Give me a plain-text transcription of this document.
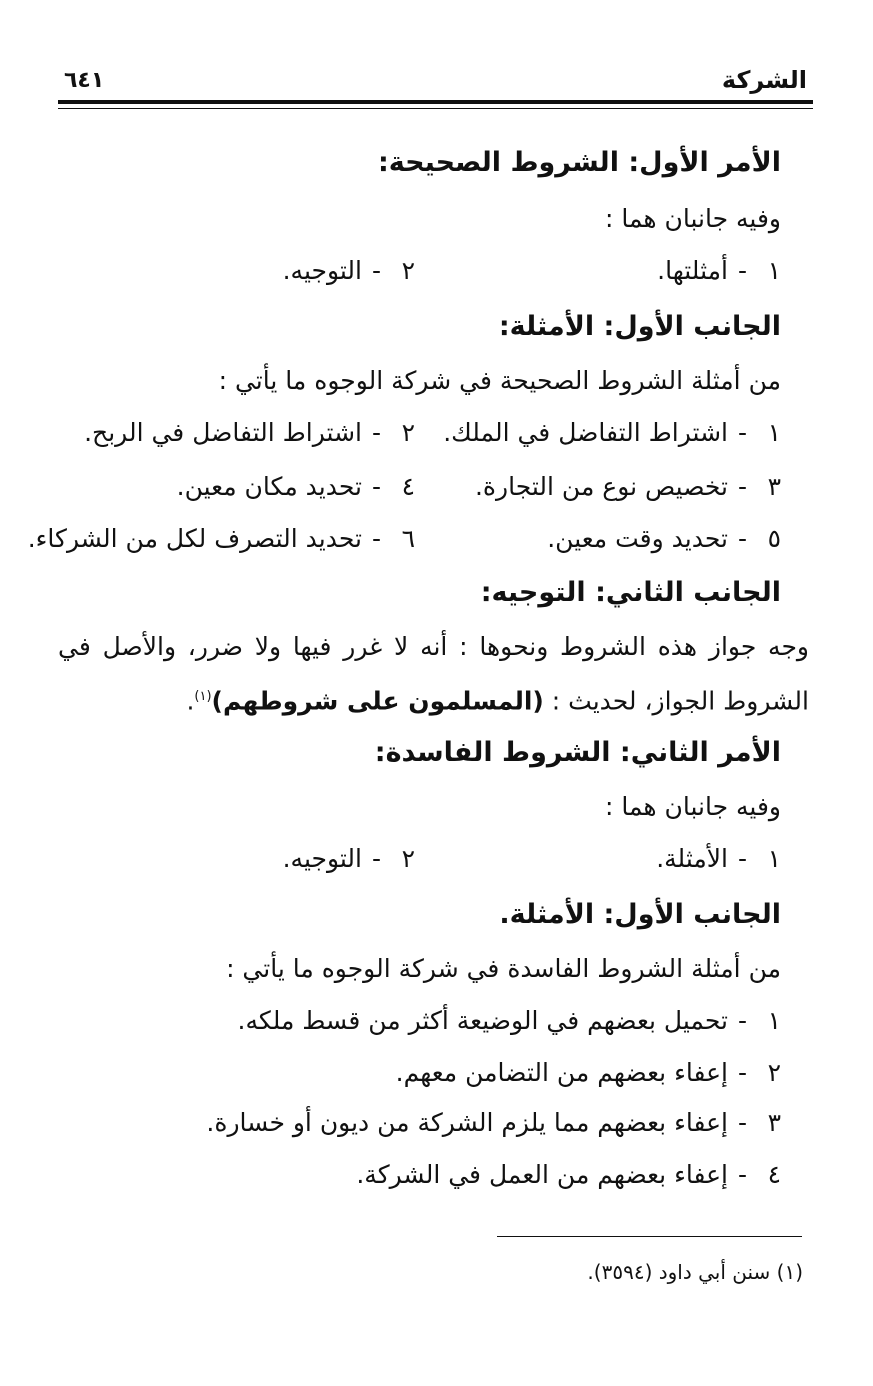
الشركة
٦٤١
الأمر الأول: الشروط الصحيحة:
وفيه جانبان هما :
١-أمثلتها.
٢-التوجيه.
الجانب الأول: الأمثلة:
من أمثلة الشروط الصحيحة في شركة الوجوه ما يأتي :
١-اشتراط التفاضل في الملك.
٢-اشتراط التفاضل في الربح.
٣-تخصيص نوع من التجارة.
٤-تحديد مكان معين.
٥-تحديد وقت معين.
٦-تحديد التصرف لكل من الشركاء.
الجانب الثاني: التوجيه:
وجه جواز هذه الشروط ونحوها : أنه لا غرر فيها ولا ضرر، والأصل في الشروط الجواز، لحديث : (المسلمون على شروطهم)$^{(١)}$.
الأمر الثاني: الشروط الفاسدة:
وفيه جانبان هما :
١-الأمثلة.
٢-التوجيه.
الجانب الأول: الأمثلة.
من أمثلة الشروط الفاسدة في شركة الوجوه ما يأتي :
١-تحميل بعضهم في الوضيعة أكثر من قسط ملكه.
٢-إعفاء بعضهم من التضامن معهم.
٣-إعفاء بعضهم مما يلزم الشركة من ديون أو خسارة.
٤-إعفاء بعضهم من العمل في الشركة.
(١) سنن أبي داود (٣٥٩٤).
